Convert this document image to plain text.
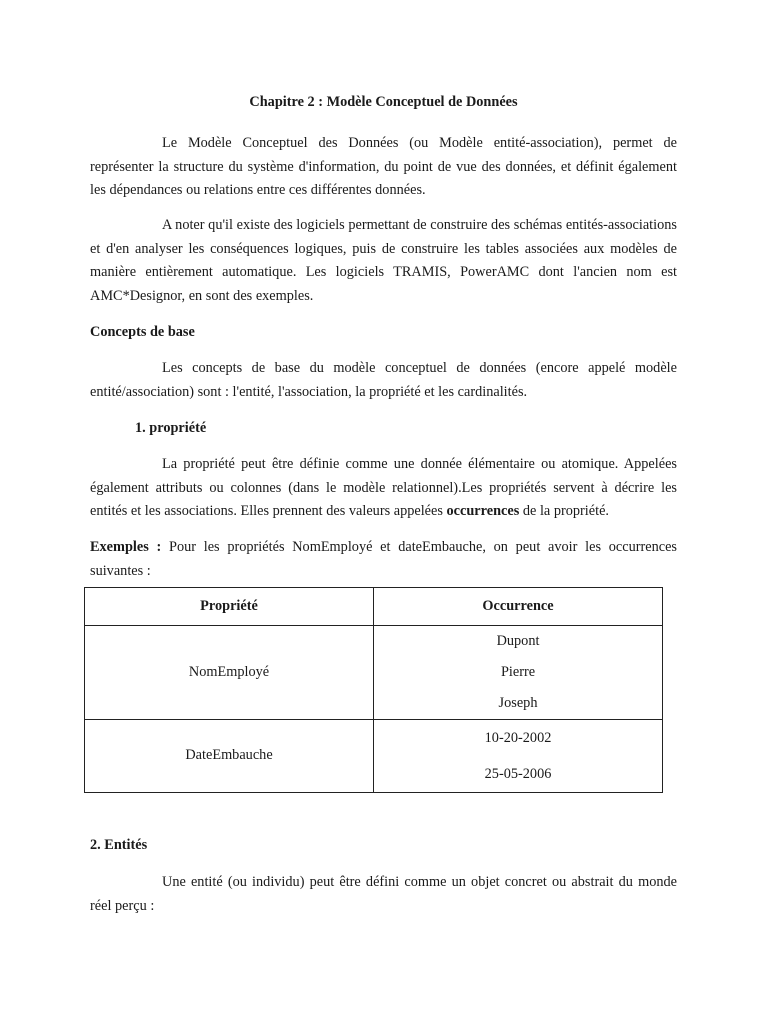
Chapitre 2 : Modèle Conceptuel de Données

Le Modèle Conceptuel des Données (ou Modèle entité-association), permet de représenter la structure du système d'information, du point de vue des données, et définit également les dépendances ou relations entre ces différentes données.

A noter qu'il existe des logiciels permettant de construire des schémas entités-associations et d'en analyser les conséquences logiques, puis de construire les tables associées aux modèles de manière entièrement automatique. Les logiciels TRAMIS, PowerAMC dont l'ancien nom est AMC*Designor, en sont des exemples.

Concepts de base

Les concepts de base du modèle conceptuel de données (encore appelé modèle entité/association) sont : l'entité, l'association, la propriété et les cardinalités.

1. propriété

La propriété peut être définie comme une donnée élémentaire ou atomique. Appelées également attributs ou colonnes (dans le modèle relationnel).Les propriétés servent à décrire les entités et les associations. Elles prennent des valeurs appelées occurrences de la propriété.

Exemples : Pour les propriétés NomEmployé et dateEmbauche, on peut avoir les occurrences suivantes :

Propriété	Occurrence
NomEmployé	Dupont
Pierre
Joseph

DateEmbauche	10-20-2002
25-05-2006
2. Entités

Une entité (ou individu) peut être défini comme un objet concret ou abstrait du monde réel perçu :
